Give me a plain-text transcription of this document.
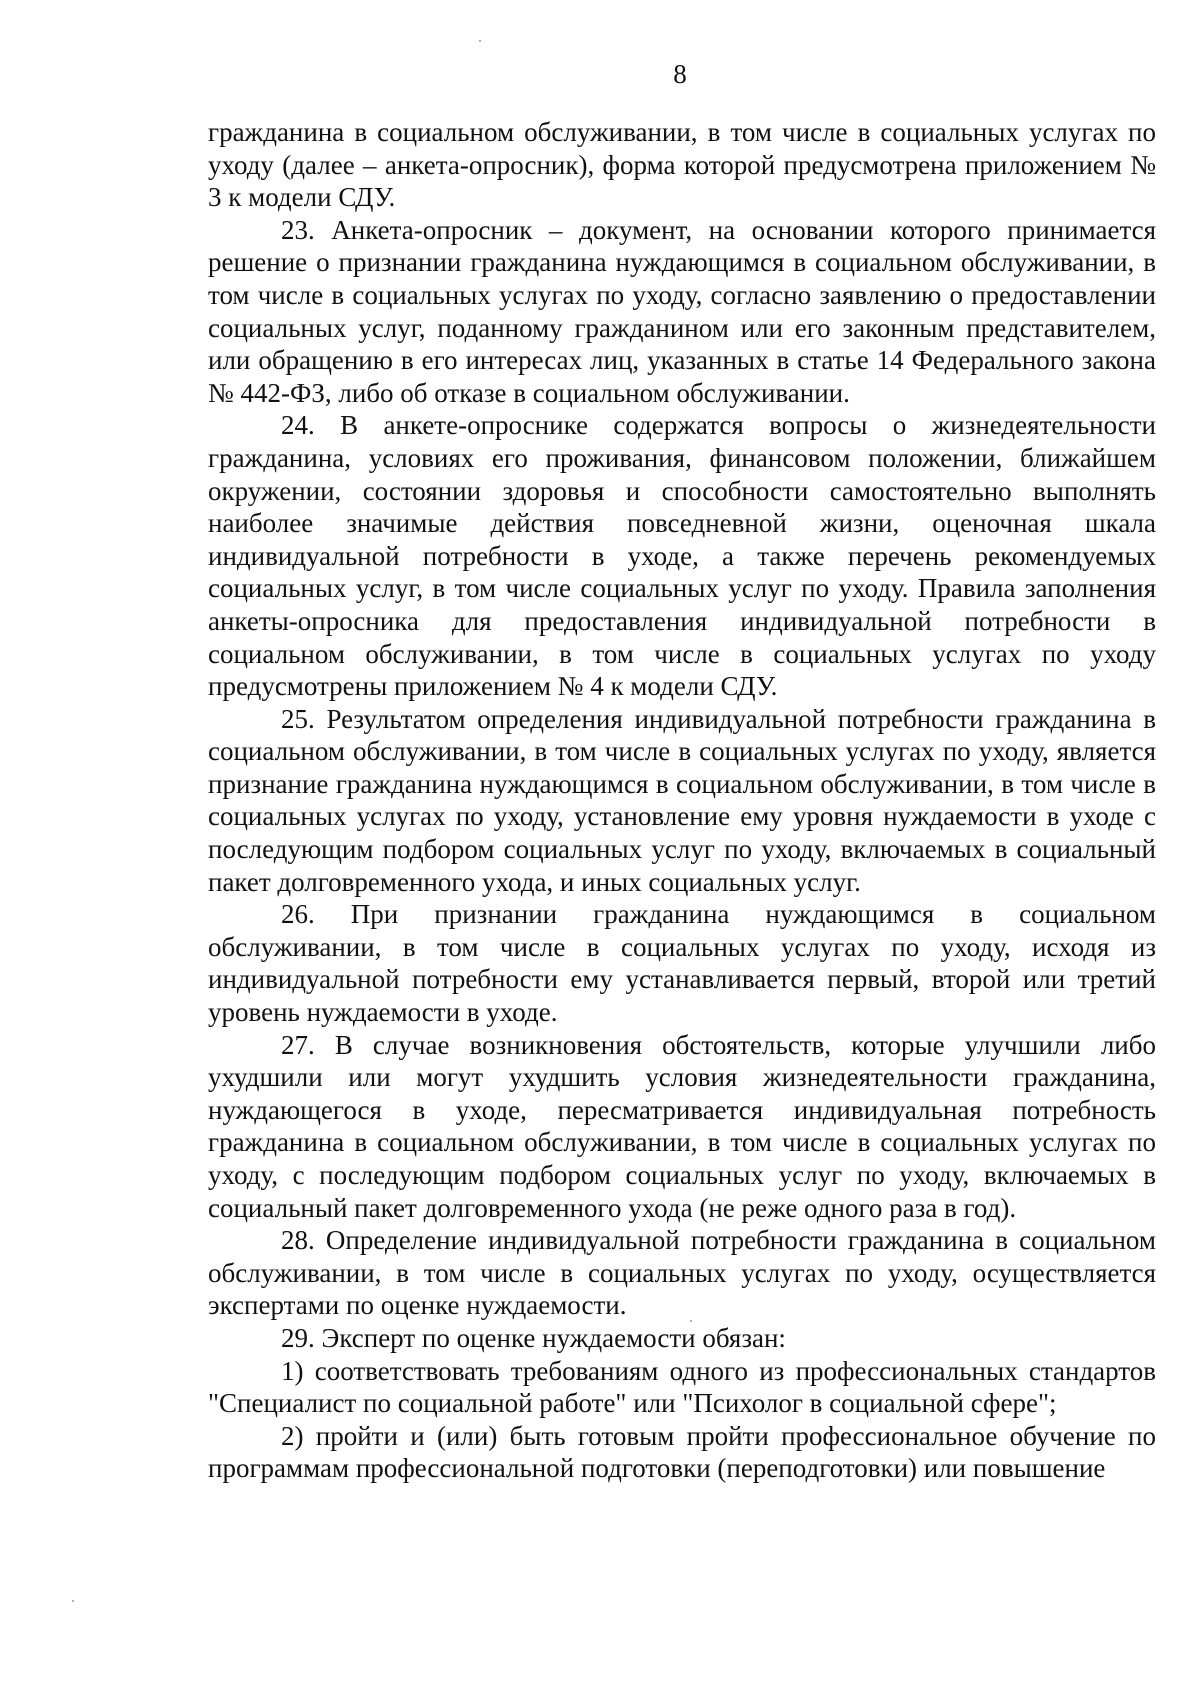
8

гражданина в социальном обслуживании, в том числе в социальных услугах по уходу (далее – анкета-опросник), форма которой предусмотрена приложением № 3 к модели СДУ.

23. Анкета-опросник – документ, на основании которого принимается решение о признании гражданина нуждающимся в социальном обслуживании, в том числе в социальных услугах по уходу, согласно заявлению о предоставлении социальных услуг, поданному гражданином или его законным представителем, или обращению в его интересах лиц, указанных в статье 14 Федерального закона № 442-ФЗ, либо об отказе в социальном обслуживании.

24. В анкете-опроснике содержатся вопросы о жизнедеятельности гражданина, условиях его проживания, финансовом положении, ближайшем окружении, состоянии здоровья и способности самостоятельно выполнять наиболее значимые действия повседневной жизни, оценочная шкала индивидуальной потребности в уходе, а также перечень рекомендуемых социальных услуг, в том числе социальных услуг по уходу. Правила заполнения анкеты-опросника для предоставления индивидуальной потребности в социальном обслуживании, в том числе в социальных услугах по уходу предусмотрены приложением № 4 к модели СДУ.

25. Результатом определения индивидуальной потребности гражданина в социальном обслуживании, в том числе в социальных услугах по уходу, является признание гражданина нуждающимся в социальном обслуживании, в том числе в социальных услугах по уходу, установление ему уровня нуждаемости в уходе с последующим подбором социальных услуг по уходу, включаемых в социальный пакет долговременного ухода, и иных социальных услуг.

26. При признании гражданина нуждающимся в социальном обслуживании, в том числе в социальных услугах по уходу, исходя из индивидуальной потребности ему устанавливается первый, второй или третий уровень нуждаемости в уходе.

27. В случае возникновения обстоятельств, которые улучшили либо ухудшили или могут ухудшить условия жизнедеятельности гражданина, нуждающегося в уходе, пересматривается индивидуальная потребность гражданина в социальном обслуживании, в том числе в социальных услугах по уходу, с последующим подбором социальных услуг по уходу, включаемых в социальный пакет долговременного ухода (не реже одного раза в год).

28. Определение индивидуальной потребности гражданина в социальном обслуживании, в том числе в социальных услугах по уходу, осуществляется экспертами по оценке нуждаемости.

29. Эксперт по оценке нуждаемости обязан:

1) соответствовать требованиям одного из профессиональных стандартов "Специалист по социальной работе" или "Психолог в социальной сфере";

2) пройти и (или) быть готовым пройти профессиональное обучение по программам профессиональной подготовки (переподготовки) или повышение
